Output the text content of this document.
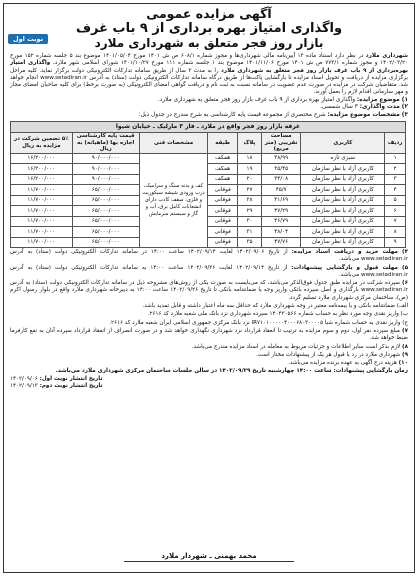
نوبت اول
آگهی مزایده عمومی
واگذاری امتیاز بهره برداری از ۹ باب غرف
بازار روز فجر متعلق به شهرداری ملارد
شهرداری ملارد در نظر دارد استناد ماده ۱۳ آیین‌نامه مالی شهرداری‌ها و مجوز شماره ۶۰۸/۱ ص ش ۱۴۰۱ مورخ ۱۴۰۱/۰۵/۰۴ موضوع بند ۵ جلسه شماره ۱۵۲ مورخ ۱۴۰۲/۰۳/۲۰ و مجوز شماره ۷۷۳/۱ ص ش ۱۴۰۱ مورخ ۱۴۰۱/۱۱/۰۶ موضوع بند ۱ جلسه شماره ۱۱۱ مورخ ۱۴۰۱/۱۰/۲۷ شورای اسلامی شهر ملارد، واگذاری امتیاز بهره‌برداری از ۹ باب غرف بازار روز فجر متعلق به شهرداری ملارد را به مدت ۳ سال از طریق سامانه تدارکات الکترونیکی دولت برگزار نماید. کلیه مراحل برگزاری مزایده از دریافت و تحویل اسناد مزایده تا بازگشایی پاکت‌ها از طریق درگاه سامانه تدارکات الکترونیکی دولت (ستاد) به آدرس www.setadiran.ir انجام خواهد شد. متقاضیان شرکت در مزایده در صورت عدم عضویت در سامانه نسبت به ثبت نام و دریافت گواهی امضای الکترونیکی (به صورت برخط) برای کلیه صاحبان امضای مجاز و مهر سازمانی اقدام لازم را بعمل آورند.
۱) موضوع مزایده: واگذاری امتیاز بهره برداری از ۹ باب غرف بازار روز فجر متعلق به شهرداری ملارد.
۲) مدت واگذاری: ۳ سال شمسی.
۳) مشخصات موضوع مزایده: شرح مختصری از مجموعه قیمت پایه کارشناسی به شرح مندرج در جدول ذیل:
غرفه بازار روز فجر واقع در ملارد ـ فاز ۳ مارلیک ـ خیابان شیوا							
ردیف	کاربری	مساحت تقریبی (متر مربع)	پلاک	طبقه	مشخصات فنی	قیمت پایه کارشناسی اجاره بها (ماهیانه) به ریال	۵٪ تضمین شرکت در مزایده به ریال
۱	سبزی تازه	۳۸/۹۹	۱۸	همکف	کف و بدنه سنگ و سرامیک، درب ورودی شیشه سیکوریت و فلزی، سقف کاذب دارای انشعابات کامل برق، آب و گاز و سیستم سرمایش	۹۰/۰۰۰/۰۰۰	۱۶/۲۰۰/۰۰۰
۲	کاربری آزاد یا نظر سازمان	۳۵/۴۵	۱۹	همکف		۹۰/۰۰۰/۰۰۰	۱۶/۲۰۰/۰۰۰
۳	کاربری آزاد یا نظر سازمان	۳۴/۰۸	۲۰	همکف		۹۰/۰۰۰/۰۰۰	۱۶/۲۰۰/۰۰۰
۴	کاربری آزاد یا نظر سازمان	۴۵/۷	۲۷	فوقانی		۶۵/۰۰۰/۰۰۰	۱۱/۷۰۰/۰۰۰
۵	کاربری آزاد یا نظر سازمان	۴۱/۶۹	۲۸	فوقانی		۶۵/۰۰۰/۰۰۰	۱۱/۷۰۰/۰۰۰
۶	کاربری آزاد یا نظر سازمان	۴۷/۲۹	۲۹	فوقانی		۶۵/۰۰۰/۰۰۰	۱۱/۷۰۰/۰۰۰
۷	کاربری آزاد یا نظر سازمان	۴۶/۷۹	۳۰	فوقانی		۶۵/۰۰۰/۰۰۰	۱۱/۷۰۰/۰۰۰
۸	کاربری آزاد یا نظر سازمان	۴۸/۰۴	۳۱	فوقانی		۶۵/۰۰۰/۰۰۰	۱۱/۷۰۰/۰۰۰
۹	کاربری آزاد یا نظر سازمان	۴۷/۷۶	۳۵	فوقانی		۶۵/۰۰۰/۰۰۰	۱۱/۷۰۰/۰۰۰
۴) مهلت خرید و دریافت اسناد مزایده: از تاریخ ۱۴۰۲/۰۹/۰۶ لغایت ۱۴۰۲/۰۹/۱۴ ساعت ۱۴:۰۰ در سامانه تدارکات الکترونیکی دولت (ستاد) به آدرس www.setadiran.ir می‌باشد.
۵) مهلت قبول و بازگشایی پیشنهادات: از تاریخ ۱۴۰۲/۰۹/۱۴ لغایت ۱۴۰۲/۰۹/۲۶ ساعت ۱۴:۰۰ به سامانه تدارکات الکترونیکی دولت (ستاد) به آدرس www.setadiran.ir می‌باشد.
۶) سپرده شرکت در مزایده طبق جدول فوق‌الذکر می‌باشد، که می‌بایست به صورت یکی از روش‌های مشروحه ذیل در سامانه تدارکات الکترونیکی دولت (ستاد) به آدرس www.setadiran.ir بارگذاری و اصل سپرده بانکی واریز وجه یا ضمانتنامه بانکی تا تاریخ ۱۴۰۲/۰۹/۲۶ ساعت ۱۴:۰۰ به دبیرخانه شهرداری ملارد واقع در بلوار رسول اکرم (ص)، ساختمان مرکزی شهرداری ملارد تسلیم گردد.
الف) ضمانتنامه بانکی و یا بیمه‌نامه معتبر در وجه شهرداری ملارد که حداقل سه ماه اعتبار داشته و قابل تمدید باشد.
ب) واریز نقدی وجه مورد نظر به حساب شماره ۱۴۰۴۳۰۵۶۶ سپرده شهرداری نزد بانک ملی شعبه ملارد کد ۲۶۱۶.
ج) واریز نقدی به حساب شماره شبا IR۷۱۰۱۰۰۰۰۰۴۰۰۰۶۸۰۳۰۰۰۰۵ نزد بانک مرکزی جمهوری اسلامی ایران شعبه ملارد کد ۲۶۱۶.
۷) مبلغ سپرده نفر اول، دوم و سوم مزایده به ترتیب تا انعقاد قرارداد نزد شهرداری نگهداری خواهد شد و در صورت انصراف از انعقاد قرارداد سپرده آنان به نفع کارفرما ضبط خواهد شد.
۸) لازم بذکر است سایر اطلاعات و جزئیات مربوط به معامله در اسناد مزایده مندرج می‌باشد.
۹) شهرداری ملارد در رد یا قبول هر یک از پیشنهادات مختار است.
۱۰) هزینه درج آگهی به عهده برنده مزایده می‌باشد.
زمان بازگشایی پیشنهادات: ساعت ۱۴:۰۰ چهارشنبه تاریخ ۱۴۰۲/۰۹/۲۹ در سالن جلسات ساختمان مرکزی شهرداری ملارد می‌باشد.
تاریخ انتشار نوبت اول: ۱۴۰۲/۰۹/۰۶
تاریخ انتشار نوبت دوم: ۱۴۰۲/۰۹/۱۳
محمد بهمنی ـ شهردار ملارد
